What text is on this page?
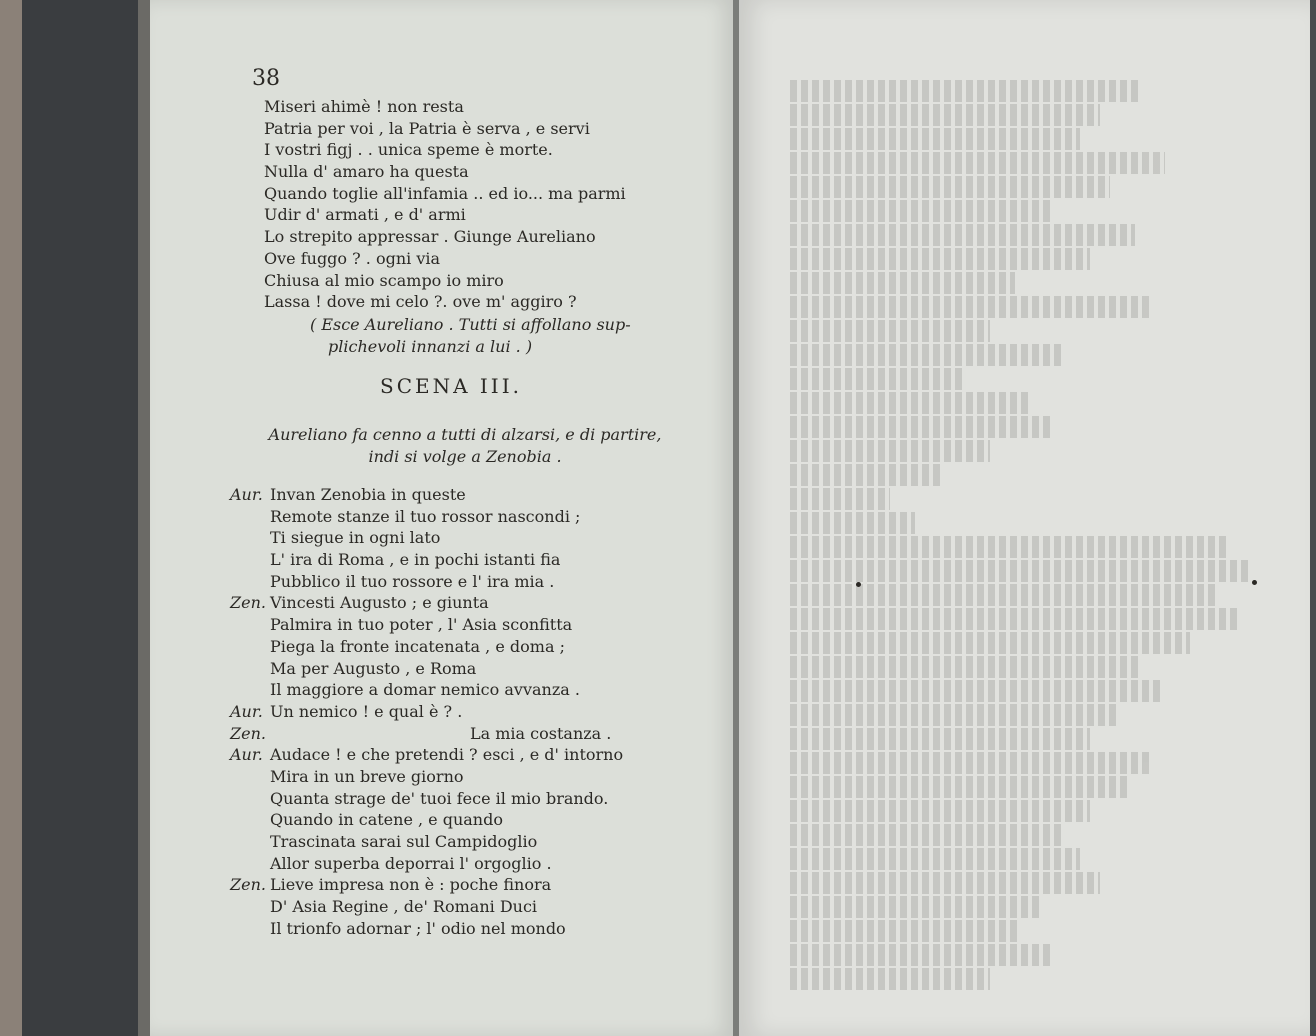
38
Miseri ahimè ! non resta
Patria per voi , la Patria è serva , e servi
I vostri figj . . unica speme è morte.
Nulla d' amaro ha questa
Quando toglie all'infamia .. ed io... ma parmi
Udir d' armati , e d' armi
Lo strepito appressar . Giunge Aureliano
Ove fuggo ? . ogni via
Chiusa al mio scampo io miro
Lassa ! dove mi celo ?. ove m' aggiro ?
( Esce Aureliano . Tutti si affollano sup-
plichevoli innanzi a lui . )
SCENA III.
Aureliano fa cenno a tutti di alzarsi, e di partire,
indi si volge a Zenobia .
Aur. Invan Zenobia in queste
Remote stanze il tuo rossor nascondi ;
Ti siegue in ogni lato
L' ira di Roma , e in pochi istanti fia
Pubblico il tuo rossore e l' ira mia .
Zen. Vincesti Augusto ; e giunta
Palmira in tuo poter , l' Asia sconfitta
Piega la fronte incatenata , e doma ;
Ma per Augusto , e Roma
Il maggiore a domar nemico avvanza .
Aur. Un nemico ! e qual è ? .
Zen.	La mia costanza .
Aur. Audace ! e che pretendi ? esci , e d' intorno
Mira in un breve giorno
Quanta strage de' tuoi fece il mio brando.
Quando in catene , e quando
Trascinata sarai sul Campidoglio
Allor superba deporrai l' orgoglio .
Zen. Lieve impresa non è : poche finora
D' Asia Regine , de' Romani Duci
Il trionfo adornar ; l' odio nel mondo
